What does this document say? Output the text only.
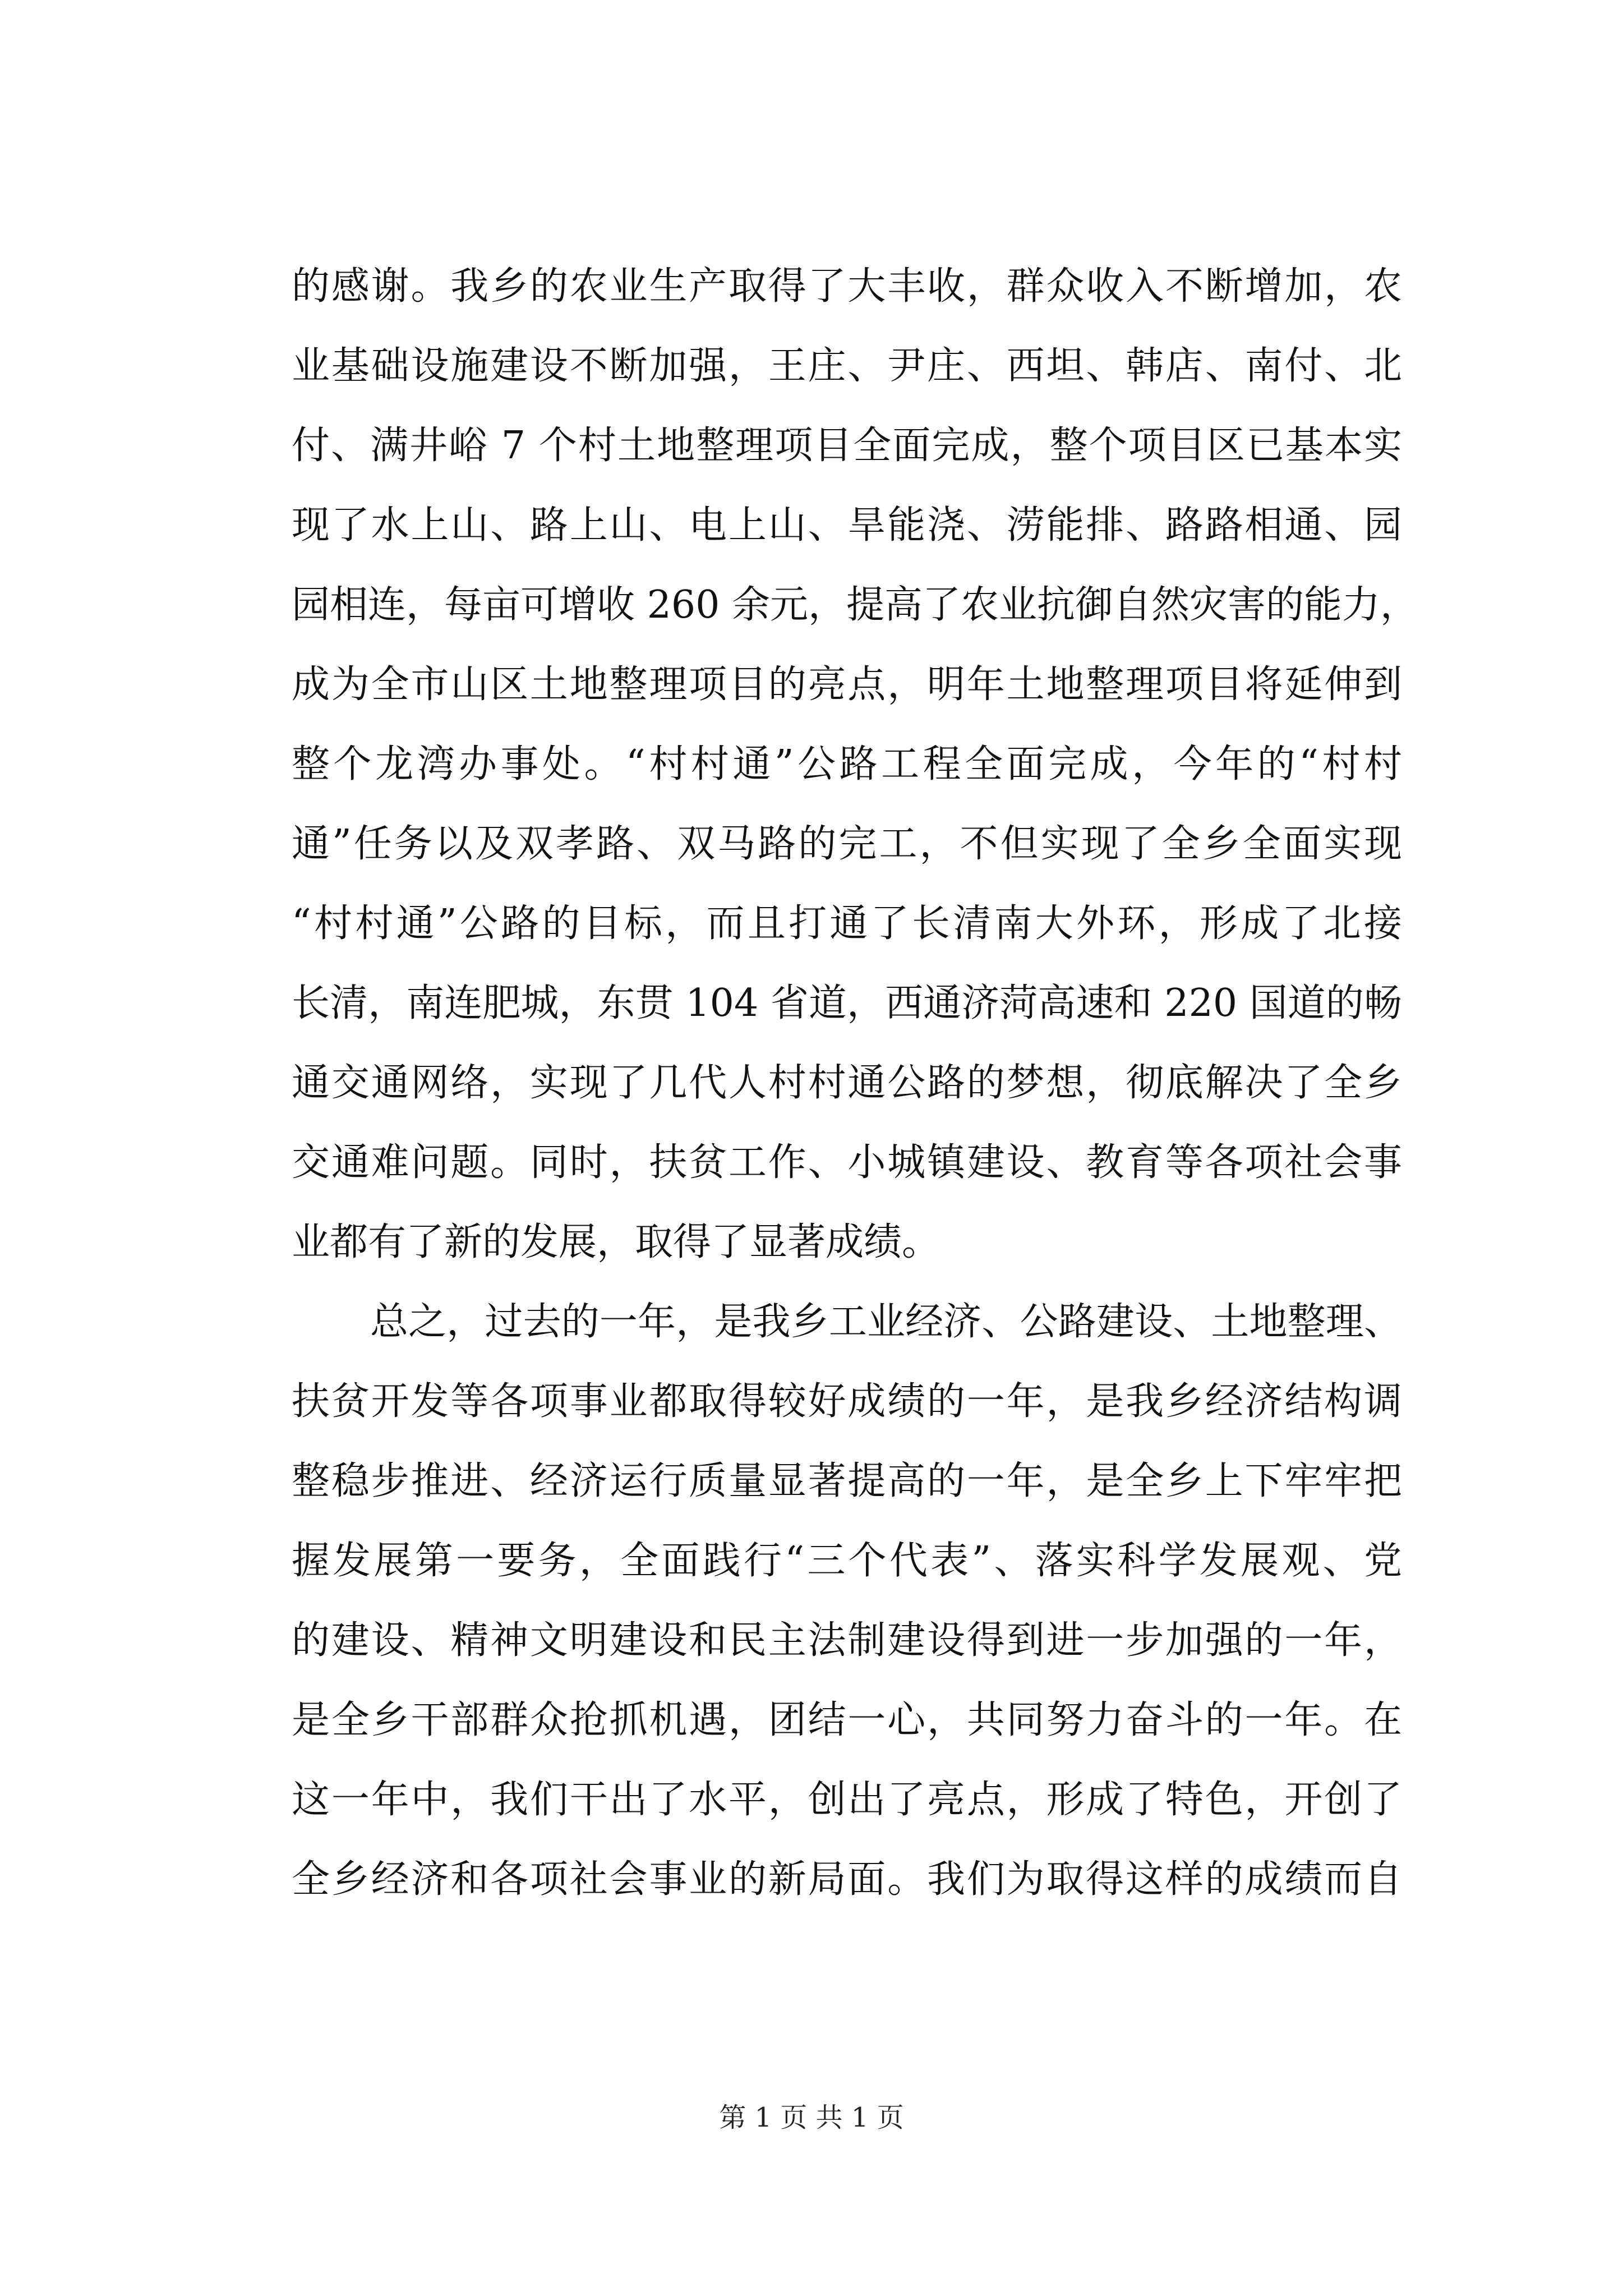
的感谢。我乡的农业生产取得了大丰收，群众收入不断增加，农
业基础设施建设不断加强，王庄、尹庄、西坦、韩店、南付、北
付、满井峪 7 个村土地整理项目全面完成，整个项目区已基本实
现了水上山、路上山、电上山、旱能浇、涝能排、路路相通、园
园相连，每亩可增收 260 余元，提高了农业抗御自然灾害的能力，
成为全市山区土地整理项目的亮点，明年土地整理项目将延伸到
整个龙湾办事处。“村村通”公路工程全面完成，今年的“村村
通”任务以及双孝路、双马路的完工，不但实现了全乡全面实现
“村村通”公路的目标，而且打通了长清南大外环，形成了北接
长清，南连肥城，东贯 104 省道，西通济菏高速和 220 国道的畅
通交通网络，实现了几代人村村通公路的梦想，彻底解决了全乡
交通难问题。同时，扶贫工作、小城镇建设、教育等各项社会事
业都有了新的发展，取得了显著成绩。
总之，过去的一年，是我乡工业经济、公路建设、土地整理、
扶贫开发等各项事业都取得较好成绩的一年，是我乡经济结构调
整稳步推进、经济运行质量显著提高的一年，是全乡上下牢牢把
握发展第一要务，全面践行“三个代表”、落实科学发展观、党
的建设、精神文明建设和民主法制建设得到进一步加强的一年，
是全乡干部群众抢抓机遇，团结一心，共同努力奋斗的一年。在
这一年中，我们干出了水平，创出了亮点，形成了特色，开创了
全乡经济和各项社会事业的新局面。我们为取得这样的成绩而自
第 1 页 共 1 页
